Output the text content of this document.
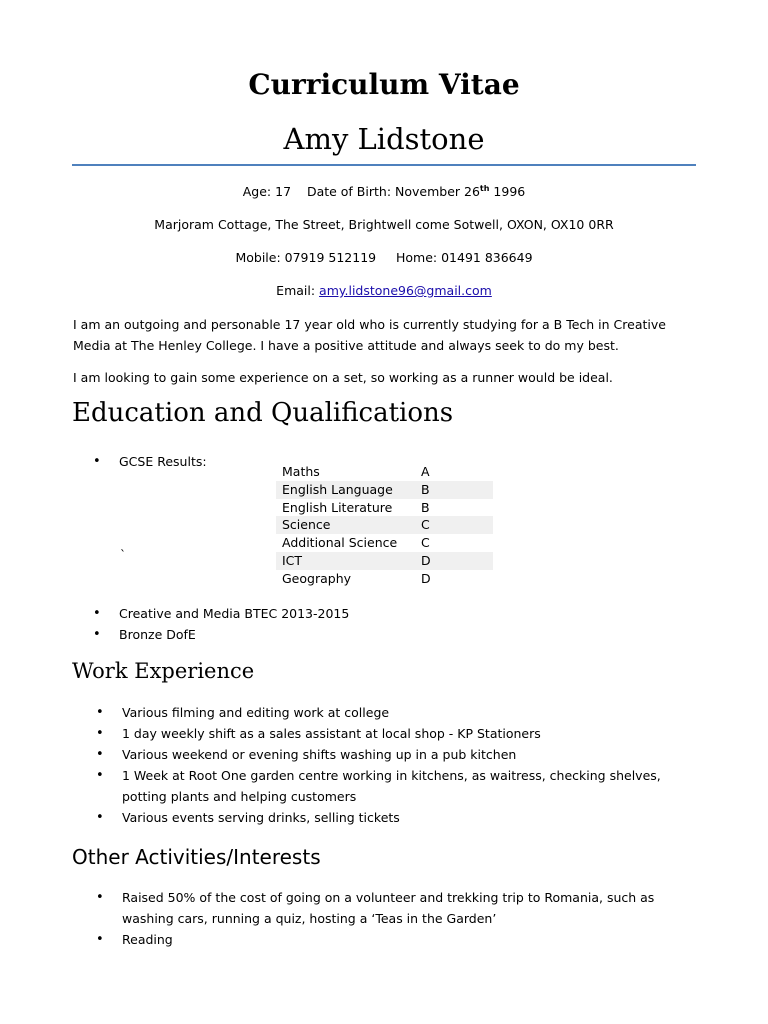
Curriculum Vitae
Amy Lidstone
Age: 17 Date of Birth: November 26th 1996
Marjoram Cottage, The Street, Brightwell come Sotwell, OXON, OX10 0RR
Mobile: 07919 512119 Home: 01491 836649
Email: amy.lidstone96@gmail.com
I am an outgoing and personable 17 year old who is currently studying for a B Tech in Creative Media at The Henley College. I have a positive attitude and always seek to do my best.
I am looking to gain some experience on a set, so working as a runner would be ideal.
Education and Qualifications
• GCSE Results:
Maths	A
English Language B
English Literature B
Science	C
Additional Science C
ICT	D
Geography	D
`
• Creative and Media BTEC 2013-2015
• Bronze DofE
Work Experience
• Various filming and editing work at college
• 1 day weekly shift as a sales assistant at local shop - KP Stationers
• Various weekend or evening shifts washing up in a pub kitchen
• 1 Week at Root One garden centre working in kitchens, as waitress, checking shelves, potting plants and helping customers
• Various events serving drinks, selling tickets
Other Activities/Interests
• Raised 50% of the cost of going on a volunteer and trekking trip to Romania, such as washing cars, running a quiz, hosting a ‘Teas in the Garden’
• Reading
